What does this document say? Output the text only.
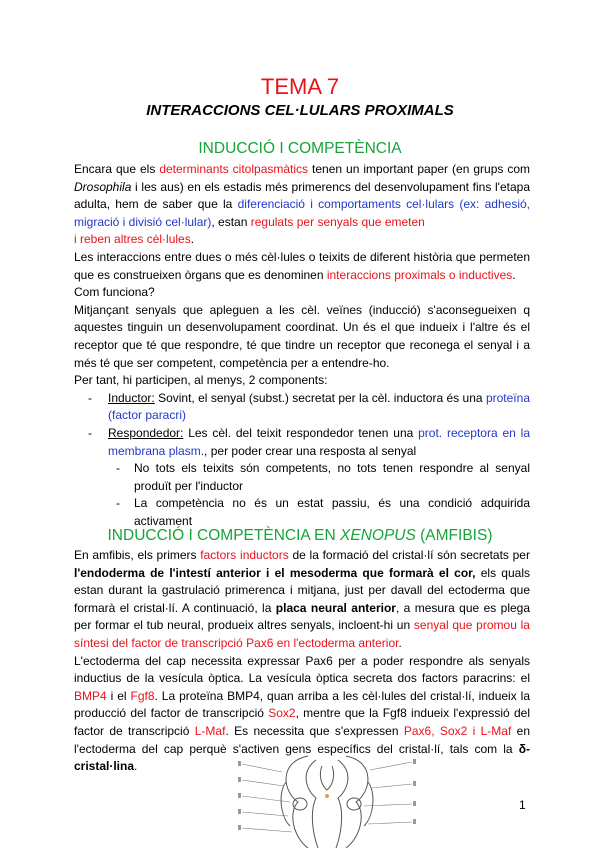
TEMA 7
INTERACCIONS CEL·LULARS PROXIMALS
INDUCCIÓ I COMPETÈNCIA

Encara que els determinants citolpasmàtics tenen un important paper (en grups com Drosophila i les aus) en els estadis més primerencs del desenvolupament fins l'etapa adulta, hem de saber que la diferenciació i comportaments cel·lulars (ex: adhesió, migració i divisió cel·lular), estan regulats per senyals que emeten
i reben altres cèl·lules.

Les interaccions entre dues o més cèl·lules o teixits de diferent història que permeten que es construeixen òrgans que es denominen interaccions proximals o inductives.

Com funciona?

Mitjançant senyals que apleguen a les cèl. veïnes (inducció) s'aconsegueixen q aquestes tinguin un desenvolupament coordinat. Un és el que indueix i l'altre és el receptor que té que respondre, té que tindre un receptor que reconega el senyal i a més té que ser competent, competència per a entendre-ho.

Per tant, hi participen, al menys, 2 components:

- Inductor: Sovint, el senyal (subst.) secretat per la cèl. inductora és una proteïna (factor paracri)
- Respondedor: Les cèl. del teixit respondedor tenen una prot. receptora en la membrana plasm., per poder crear una resposta al senyal
- No tots els teixits són competents, no tots tenen respondre al senyal produït per l'inductor
- La competència no és un estat passiu, és una condició adquirida activament
INDUCCIÓ I COMPETÈNCIA EN XENOPUS (AMFIBIS)

En amfibis, els primers factors inductors de la formació del cristal·lí són secretats per l'endoderma de l'intestí anterior i el mesoderma que formarà el cor, els quals estan durant la gastrulació primerenca i mitjana, just per davall del ectoderma que formarà el cristal·lí. A continuació, la placa neural anterior, a mesura que es plega per formar el tub neural, produeix altres senyals, incloent-hi un senyal que promou la síntesi del factor de transcripció Pax6 en l'ectoderma anterior.

L'ectoderma del cap necessita expressar Pax6 per a poder respondre als senyals inductius de la vesícula òptica. La vesícula òptica secreta dos factors paracrins: el BMP4 i el Fgf8. La proteïna BMP4, quan arriba a les cèl·lules del cristal·lí, indueix la producció del factor de transcripció Sox2, mentre que la Fgf8 indueix l'expressió del factor de transcripció L-Maf. Es necessita que s'expressen Pax6, Sox2 i L-Maf en l'ectoderma del cap perquè s'activen gens específics del cristal·lí, tals com la δ-cristal·lina.

1
